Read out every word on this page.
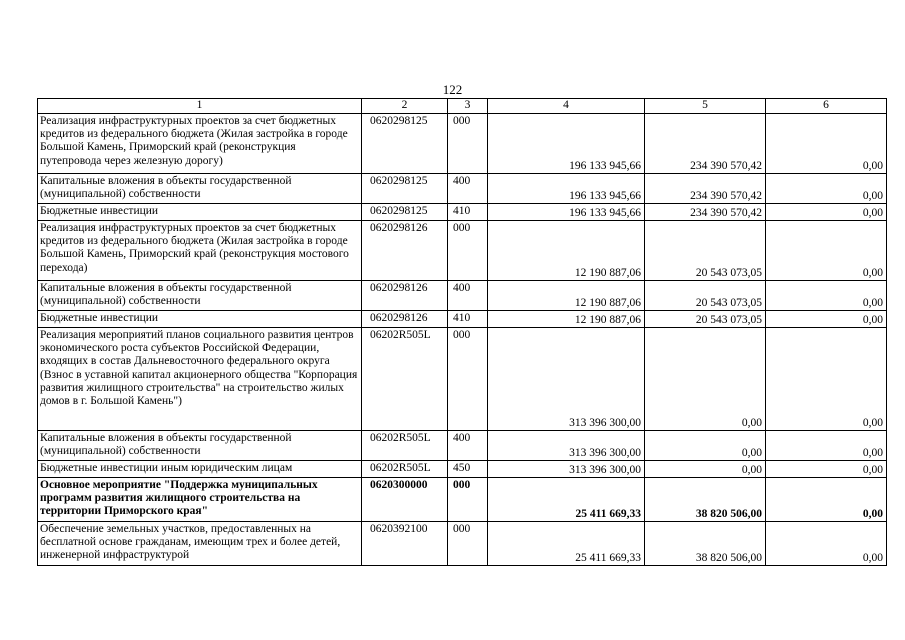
122
1	2	3	4	5	6
Реализация инфраструктурных проектов за счет бюджетных кредитов из федерального бюджета (Жилая застройка в городе Большой Камень, Приморский край (реконструкция путепровода через железную дорогу)	0620298125	000	196 133 945,66	234 390 570,42	0,00
Капитальные вложения в объекты государственной (муниципальной) собственности	0620298125	400	196 133 945,66	234 390 570,42	0,00
Бюджетные инвестиции	0620298125	410	196 133 945,66	234 390 570,42	0,00
Реализация инфраструктурных проектов за счет бюджетных кредитов из федерального бюджета (Жилая застройка в городе Большой Камень, Приморский край (реконструкция мостового перехода)	0620298126	000	12 190 887,06	20 543 073,05	0,00
Капитальные вложения в объекты государственной (муниципальной) собственности	0620298126	400	12 190 887,06	20 543 073,05	0,00
Бюджетные инвестиции	0620298126	410	12 190 887,06	20 543 073,05	0,00
Реализация мероприятий планов социального развития центров экономического роста субъектов Российской Федерации, входящих в состав Дальневосточного федерального округа (Взнос в уставной капитал акционерного общества "Корпорация развития жилищного строительства" на строительство жилых домов в г. Большой Камень")	06202R505L	000	313 396 300,00	0,00	0,00
Капитальные вложения в объекты государственной (муниципальной) собственности	06202R505L	400	313 396 300,00	0,00	0,00
Бюджетные инвестиции иным юридическим лицам	06202R505L	450	313 396 300,00	0,00	0,00
Основное мероприятие "Поддержка муниципальных программ развития жилищного строительства на территории Приморского края"	0620300000	000	25 411 669,33	38 820 506,00	0,00
Обеспечение земельных участков, предоставленных на бесплатной основе гражданам, имеющим трех и более детей, инженерной инфраструктурой	0620392100	000	25 411 669,33	38 820 506,00	0,00
